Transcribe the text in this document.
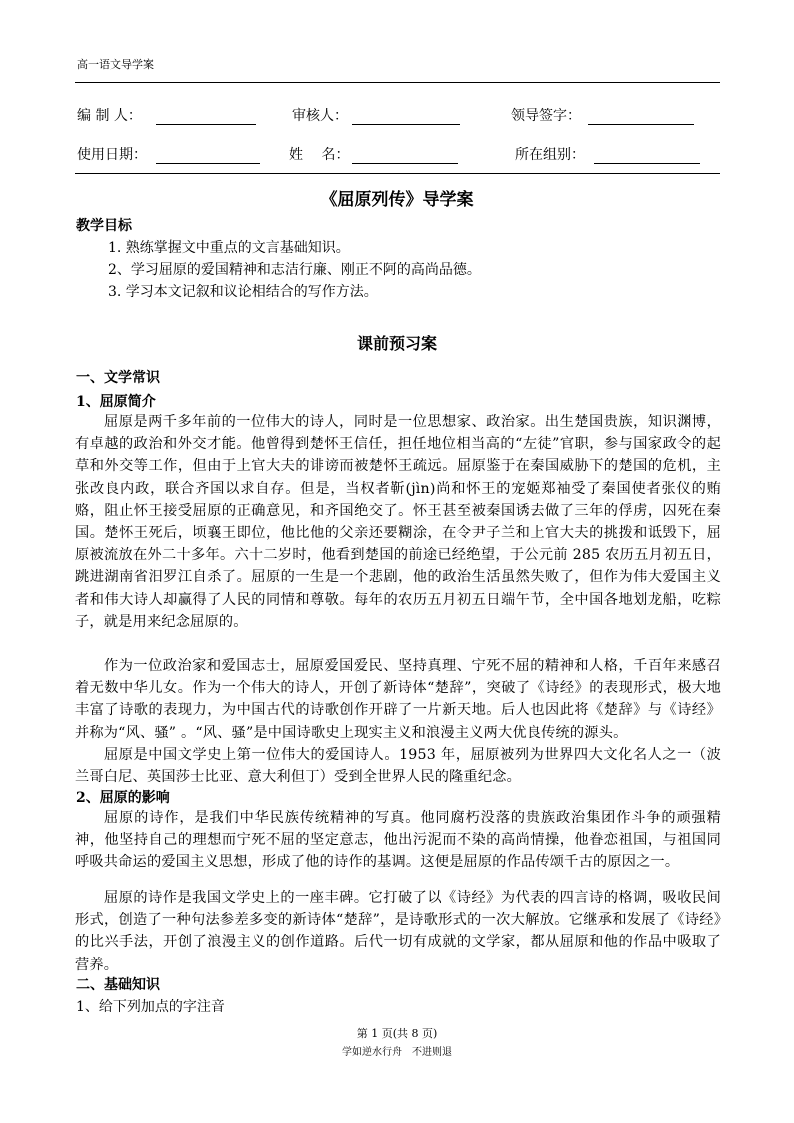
高一语文导学案
编 制 人：	审核人：	领导签字：
使用日期：	姓　 名：	所在组别：
《屈原列传》导学案
教学目标
1. 熟练掌握文中重点的文言基础知识。
2、学习屈原的爱国精神和志洁行廉、刚正不阿的高尚品德。
3. 学习本文记叙和议论相结合的写作方法。
课前预习案
一、文学常识
1、屈原简介
屈原是两千多年前的一位伟大的诗人，同时是一位思想家、政治家。出生楚国贵族，知识渊博，有卓越的政治和外交才能。他曾得到楚怀王信任，担任地位相当高的“左徒”官职，参与国家政令的起草和外交等工作，但由于上官大夫的诽谤而被楚怀王疏远。屈原鉴于在秦国威胁下的楚国的危机，主张改良内政，联合齐国以求自存。但是，当权者靳(jìn)尚和怀王的宠姬郑袖受了秦国使者张仪的贿赂，阻止怀王接受屈原的正确意见，和齐国绝交了。怀王甚至被秦国诱去做了三年的俘虏，囚死在秦国。楚怀王死后，顷襄王即位，他比他的父亲还要糊涂，在令尹子兰和上官大夫的挑拨和诋毁下，屈原被流放在外二十多年。六十二岁时，他看到楚国的前途已经绝望，于公元前 285 农历五月初五日，跳进湖南省汨罗江自杀了。屈原的一生是一个悲剧，他的政治生活虽然失败了，但作为伟大爱国主义者和伟大诗人却赢得了人民的同情和尊敬。每年的农历五月初五日端午节，全中国各地划龙船，吃粽子，就是用来纪念屈原的。
作为一位政治家和爱国志士，屈原爱国爱民、坚持真理、宁死不屈的精神和人格，千百年来感召着无数中华儿女。作为一个伟大的诗人，开创了新诗体“楚辞”，突破了《诗经》的表现形式，极大地丰富了诗歌的表现力，为中国古代的诗歌创作开辟了一片新天地。后人也因此将《楚辞》与《诗经》并称为“风、骚” 。“风、骚”是中国诗歌史上现实主义和浪漫主义两大优良传统的源头。
屈原是中国文学史上第一位伟大的爱国诗人。1953 年，屈原被列为世界四大文化名人之一（波兰哥白尼、英国莎士比亚、意大利但丁）受到全世界人民的隆重纪念。
2、屈原的影响
屈原的诗作，是我们中华民族传统精神的写真。他同腐朽没落的贵族政治集团作斗争的顽强精神，他坚持自己的理想而宁死不屈的坚定意志，他出污泥而不染的高尚情操，他眷恋祖国，与祖国同呼吸共命运的爱国主义思想，形成了他的诗作的基调。这便是屈原的作品传颂千古的原因之一。
屈原的诗作是我国文学史上的一座丰碑。它打破了以《诗经》为代表的四言诗的格调，吸收民间形式，创造了一种句法参差多变的新诗体“楚辞”，是诗歌形式的一次大解放。它继承和发展了《诗经》的比兴手法，开创了浪漫主义的创作道路。后代一切有成就的文学家，都从屈原和他的作品中吸取了营养。
二、基础知识
1、给下列加点的字注音
第 1 页(共 8 页)
学如逆水行舟　不进则退
